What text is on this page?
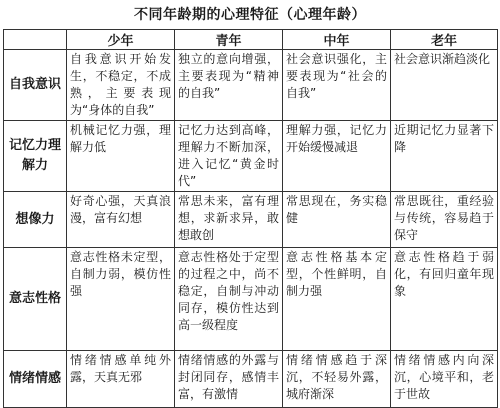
不同年龄期的心理特征（心理年龄）
	少年	青年	中年	老年
自我意识	自我意识开始发生，不稳定，不成熟，主要表现为“身体的自我”	独立的意向增强，主要表现为“精神的自我”	社会意识强化，主要表现为“社会的自我”	社会意识渐趋淡化
记忆力理解力	机械记忆力强，理解力低	记忆力达到高峰，理解力不断加深，进入记忆“黄金时代”	理解力强，记忆力开始缓慢减退	近期记忆力显著下降
想像力	好奇心强，天真浪漫，富有幻想	常思未来，富有理想，求新求异，敢想敢创	常思现在，务实稳健	常思既往，重经验与传统，容易趋于保守
意志性格	意志性格未定型，自制力弱，模仿性强	意志性格处于定型的过程之中，尚不稳定，自制与冲动同存，模仿性达到高一级程度	意志性格基本定型，个性鲜明，自制力强	意志性格趋于弱化，有回归童年现象
情绪情感	情绪情感单纯外露，天真无邪	情绪情感的外露与封闭同存，感情丰富，有激情	情绪情感趋于深沉，不轻易外露，城府渐深	情绪情感内向深沉，心境平和，老于世故
